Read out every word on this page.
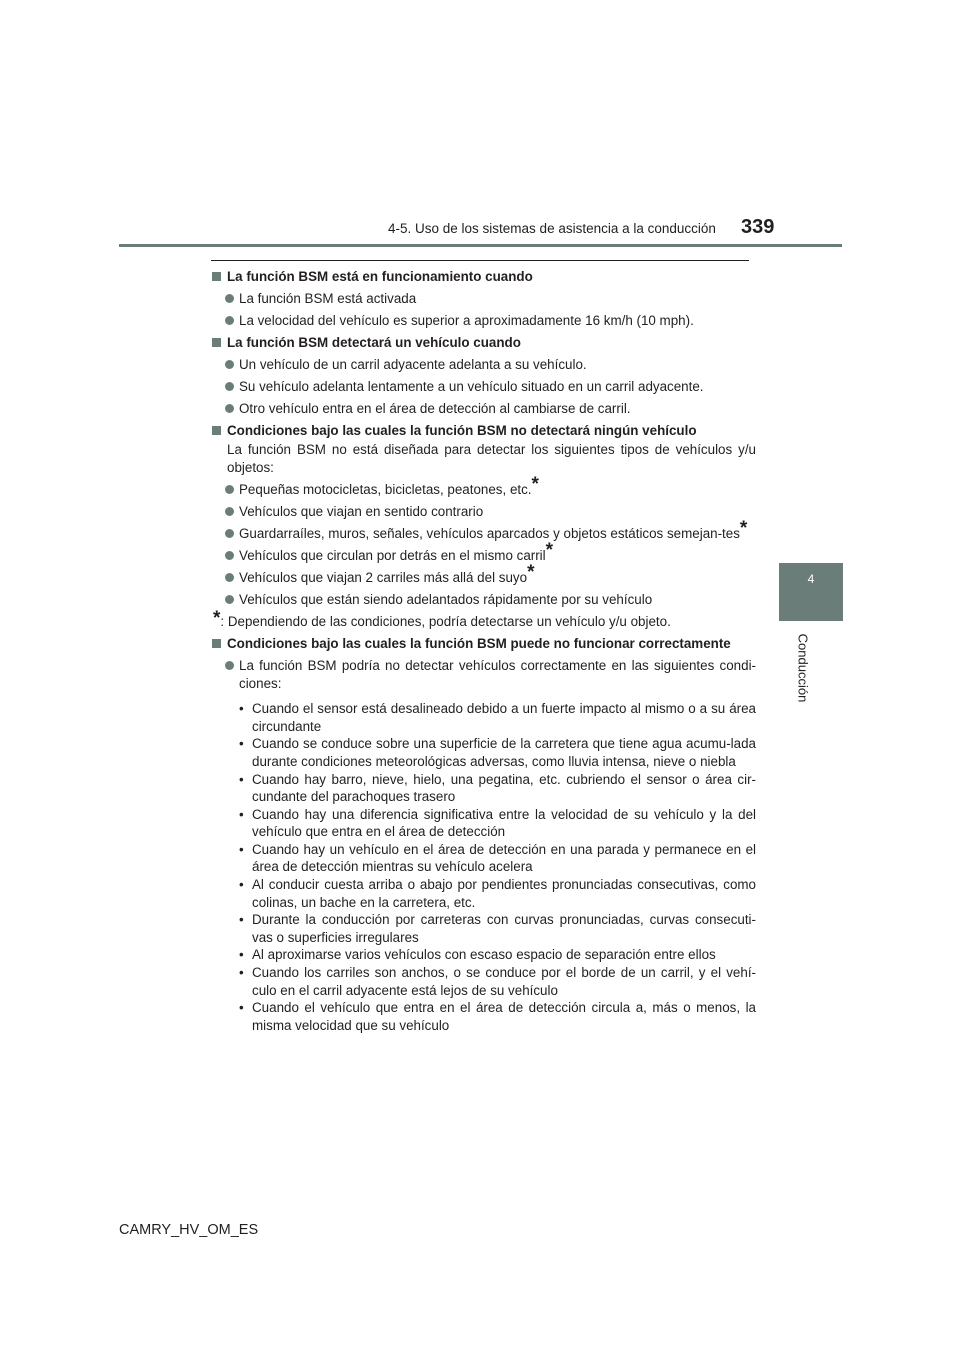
4-5. Uso de los sistemas de asistencia a la conducción 339
4
Conducción
La función BSM está en funcionamiento cuando
La función BSM está activada
La velocidad del vehículo es superior a aproximadamente 16 km/h (10 mph).
La función BSM detectará un vehículo cuando
Un vehículo de un carril adyacente adelanta a su vehículo.
Su vehículo adelanta lentamente a un vehículo situado en un carril adyacente.
Otro vehículo entra en el área de detección al cambiarse de carril.
Condiciones bajo las cuales la función BSM no detectará ningún vehículo
La función BSM no está diseñada para detectar los siguientes tipos de vehículos y/u objetos:
Pequeñas motocicletas, bicicletas, peatones, etc.*
Vehículos que viajan en sentido contrario
Guardarraíles, muros, señales, vehículos aparcados y objetos estáticos semejan-tes*
Vehículos que circulan por detrás en el mismo carril*
Vehículos que viajan 2 carriles más allá del suyo*
Vehículos que están siendo adelantados rápidamente por su vehículo
*: Dependiendo de las condiciones, podría detectarse un vehículo y/u objeto.
Condiciones bajo las cuales la función BSM puede no funcionar correctamente
La función BSM podría no detectar vehículos correctamente en las siguientes condi-ciones:
• Cuando el sensor está desalineado debido a un fuerte impacto al mismo o a su área circundante
• Cuando se conduce sobre una superficie de la carretera que tiene agua acumu-lada durante condiciones meteorológicas adversas, como lluvia intensa, nieve o niebla
• Cuando hay barro, nieve, hielo, una pegatina, etc. cubriendo el sensor o área cir-cundante del parachoques trasero
• Cuando hay una diferencia significativa entre la velocidad de su vehículo y la del vehículo que entra en el área de detección
• Cuando hay un vehículo en el área de detección en una parada y permanece en el área de detección mientras su vehículo acelera
• Al conducir cuesta arriba o abajo por pendientes pronunciadas consecutivas, como colinas, un bache en la carretera, etc.
• Durante la conducción por carreteras con curvas pronunciadas, curvas consecuti-vas o superficies irregulares
• Al aproximarse varios vehículos con escaso espacio de separación entre ellos
• Cuando los carriles son anchos, o se conduce por el borde de un carril, y el vehí-culo en el carril adyacente está lejos de su vehículo
• Cuando el vehículo que entra en el área de detección circula a, más o menos, la misma velocidad que su vehículo
CAMRY_HV_OM_ES
